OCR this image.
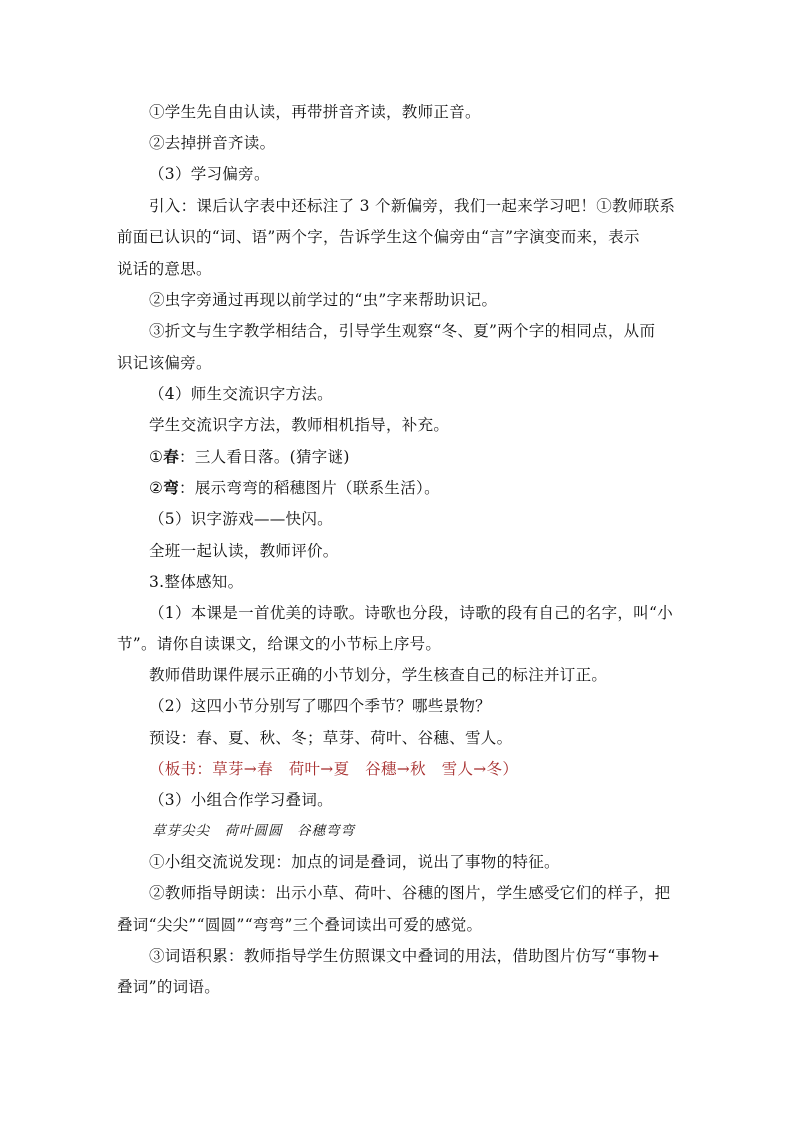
①学生先自由认读，再带拼音齐读，教师正音。
②去掉拼音齐读。
（3）学习偏旁。
引入：课后认字表中还标注了 3 个新偏旁，我们一起来学习吧！①教师联系
前面已认识的“词、语”两个字，告诉学生这个偏旁由“言”字演变而来，表示
说话的意思。
②虫字旁通过再现以前学过的“虫”字来帮助识记。
③折文与生字教学相结合，引导学生观察“冬、夏”两个字的相同点，从而
识记该偏旁。
（4）师生交流识字方法。
学生交流识字方法，教师相机指导，补充。
①春：三人看日落。(猜字谜)
②弯：展示弯弯的稻穗图片（联系生活）。
（5）识字游戏——快闪。
全班一起认读，教师评价。
3.整体感知。
（1）本课是一首优美的诗歌。诗歌也分段，诗歌的段有自己的名字，叫“小
节”。请你自读课文，给课文的小节标上序号。
教师借助课件展示正确的小节划分，学生核查自己的标注并订正。
（2）这四小节分别写了哪四个季节？哪些景物？
预设：春、夏、秋、冬；草芽、荷叶、谷穗、雪人。
（板书：草芽→春　荷叶→夏　谷穗→秋　雪人→冬）
（3）小组合作学习叠词。
草芽尖尖　荷叶圆圆　谷穗弯弯
①小组交流说发现：加点的词是叠词，说出了事物的特征。
②教师指导朗读：出示小草、荷叶、谷穗的图片，学生感受它们的样子，把
叠词“尖尖”“圆圆”“弯弯”三个叠词读出可爱的感觉。
③词语积累：教师指导学生仿照课文中叠词的用法，借助图片仿写“事物+
叠词”的词语。
